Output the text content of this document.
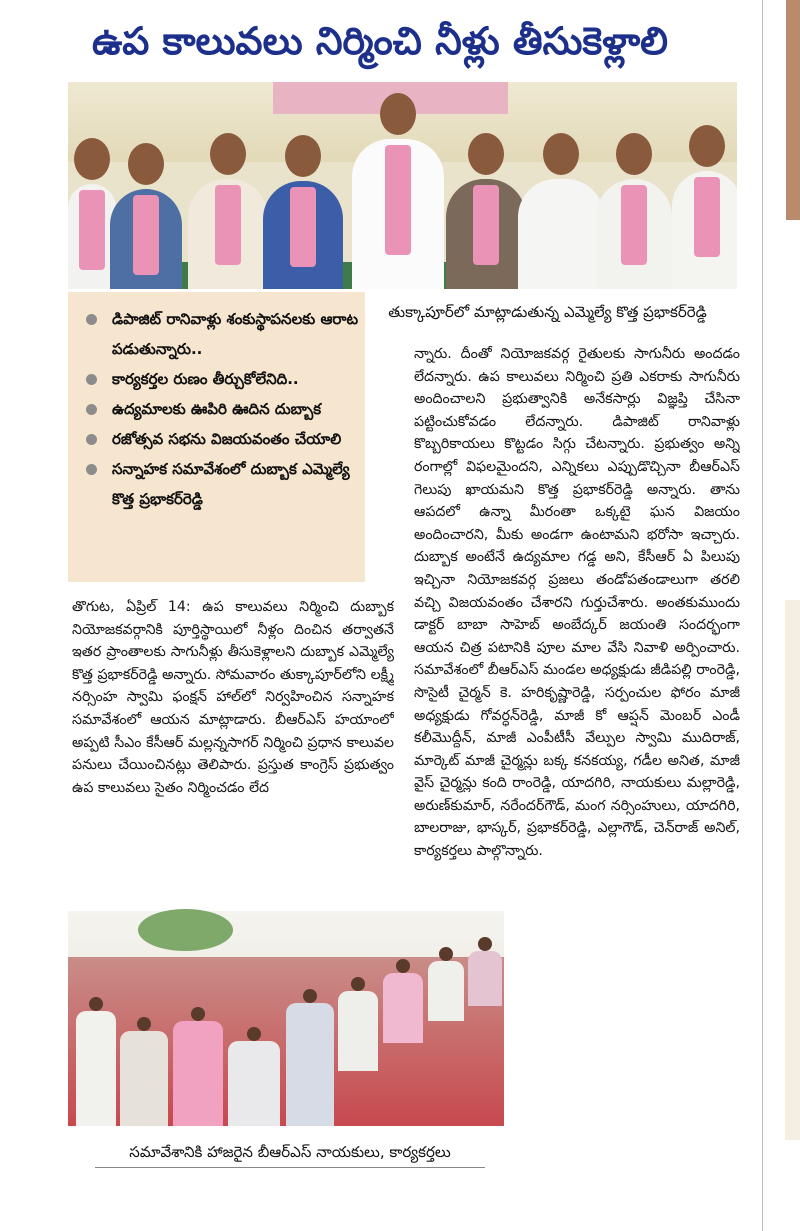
ఉప కాలువలు నిర్మించి నీళ్లు తీసుకెళ్లాలి
తుక్కాపూర్‌లో మాట్లాడుతున్న ఎమ్మెల్యే కొత్త ప్రభాకర్‌రెడ్డి
డిపాజిట్ రానివాళ్లు శంకుస్థాపనలకు ఆరాట పడుతున్నారు..
కార్యకర్తల రుణం తీర్చుకోలేనిది..
ఉద్యమాలకు ఊపిరి ఊదిన దుబ్బాక
రజోత్సవ సభను విజయవంతం చేయాలి
సన్నాహక సమావేశంలో దుబ్బాక ఎమ్మెల్యే కొత్త ప్రభాకర్‌రెడ్డి

న్నారు. దీంతో నియోజకవర్గ రైతులకు సాగునీరు అందడం లేదన్నారు. ఉప కాలువలు నిర్మించి ప్రతి ఎకరాకు సాగునీరు అందించాలని ప్రభుత్వానికి అనేకసార్లు విజ్ఞప్తి చేసినా పట్టించుకోవడం లేదన్నారు. డిపాజిట్ రానివాళ్లు కొబ్బరికాయలు కొట్టడం సిగ్గు చేటన్నారు. ప్రభుత్వం అన్ని రంగాల్లో విఫలమైందని, ఎన్నికలు ఎప్పుడొచ్చినా బీఆర్‌ఎస్ గెలుపు ఖాయమని కొత్త ప్రభాకర్‌రెడ్డి అన్నారు. తాను ఆపదలో ఉన్నా మీరంతా ఒక్కటై ఘన విజయం అందించారని, మీకు అండగా ఉంటామని భరోసా ఇచ్చారు. దుబ్బాక అంటేనే ఉద్యమాల గడ్డ అని, కేసీఆర్ ఏ పిలుపు ఇచ్చినా నియోజకవర్గ ప్రజలు తండోపతండాలుగా తరలి వచ్చి విజయవంతం చేశారని గుర్తుచేశారు. అంతకుముందు డాక్టర్ బాబా సాహెబ్ అంబేద్కర్ జయంతి సందర్భంగా ఆయన చిత్ర పటానికి పూల మాల వేసి నివాళి అర్పించారు. సమావేశంలో బీఆర్‌ఎస్ మండల అధ్యక్షుడు జీడిపల్లి రాంరెడ్డి, సొసైటీ చైర్మన్ కె. హరికృష్ణారెడ్డి, సర్పంచుల ఫోరం మాజీ అధ్యక్షుడు గోవర్ధన్‌రెడ్డి, మాజీ కో ఆప్షన్ మెంబర్ ఎండీ కలీమొద్దీన్, మాజీ ఎంపీటీసీ వేల్పుల స్వామి ముదిరాజ్, మార్కెట్ మాజీ చైర్మన్లు బక్క కనకయ్య, గడీల అనిత, మాజీ వైస్ చైర్మన్లు కంది రాంరెడ్డి, యాదగిరి, నాయకులు మల్లారెడ్డి, అరుణ్‌కుమార్, నరేందర్‌గౌడ్, మంగ నర్సింహులు, యాదగిరి, బాలరాజు, భాస్కర్, ప్రభాకర్‌రెడ్డి, ఎల్లాగౌడ్, చెన్‌రాజ్ అనిల్, కార్యకర్తలు పాల్గొన్నారు.

తొగుట, ఏప్రిల్ 14: ఉప కాలువలు నిర్మించి దుబ్బాక నియోజకవర్గానికి పూర్తిస్థాయిలో నీళ్లం దించిన తర్వాతనే ఇతర ప్రాంతాలకు సాగునీళ్లు తీసుకెళ్లాలని దుబ్బాక ఎమ్మెల్యే కొత్త ప్రభాకర్‌రెడ్డి అన్నారు. సోమవారం తుక్కాపూర్‌లోని లక్ష్మీ నర్సింహ స్వామి ఫంక్షన్ హాల్‌లో నిర్వహించిన సన్నాహక సమావేశంలో ఆయన మాట్లాడారు. బీఆర్‌ఎస్ హయాంలో అప్పటి సీఎం కేసీఆర్ మల్లన్నసాగర్ నిర్మించి ప్రధాన కాలువల పనులు చేయించినట్లు తెలిపారు. ప్రస్తుత కాంగ్రెస్ ప్రభుత్వం ఉప కాలువలు సైతం నిర్మించడం లేద

సమావేశానికి హాజరైన బీఆర్‌ఎస్ నాయకులు, కార్యకర్తలు
